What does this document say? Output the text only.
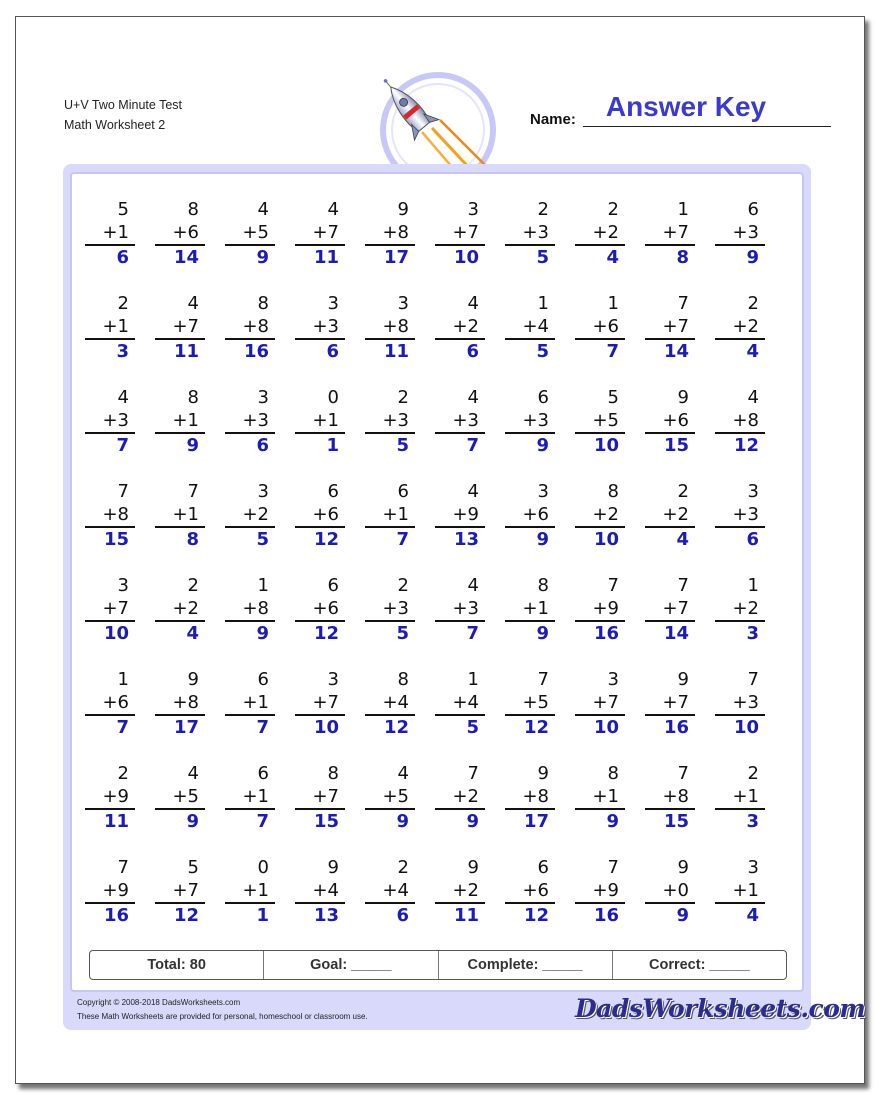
U+V Two Minute Test
Math Worksheet 2
Answer Key
Name:
5
+1
6
8
+6
14
4
+5
9
4
+7
11
9
+8
17
3
+7
10
2
+3
5
2
+2
4
1
+7
8
6
+3
9
2
+1
3
4
+7
11
8
+8
16
3
+3
6
3
+8
11
4
+2
6
1
+4
5
1
+6
7
7
+7
14
2
+2
4
4
+3
7
8
+1
9
3
+3
6
0
+1
1
2
+3
5
4
+3
7
6
+3
9
5
+5
10
9
+6
15
4
+8
12
7
+8
15
7
+1
8
3
+2
5
6
+6
12
6
+1
7
4
+9
13
3
+6
9
8
+2
10
2
+2
4
3
+3
6
3
+7
10
2
+2
4
1
+8
9
6
+6
12
2
+3
5
4
+3
7
8
+1
9
7
+9
16
7
+7
14
1
+2
3
1
+6
7
9
+8
17
6
+1
7
3
+7
10
8
+4
12
1
+4
5
7
+5
12
3
+7
10
9
+7
16
7
+3
10
2
+9
11
4
+5
9
6
+1
7
8
+7
15
4
+5
9
7
+2
9
9
+8
17
8
+1
9
7
+8
15
2
+1
3
7
+9
16
5
+7
12
0
+1
1
9
+4
13
2
+4
6
9
+2
11
6
+6
12
7
+9
16
9
+0
9
3
+1
4
Total: 80	Goal: _____	Complete: _____	Correct: _____
Copyright © 2008-2018 DadsWorksheets.com
These Math Worksheets are provided for personal, homeschool or classroom use.	DadsWorksheets.com
